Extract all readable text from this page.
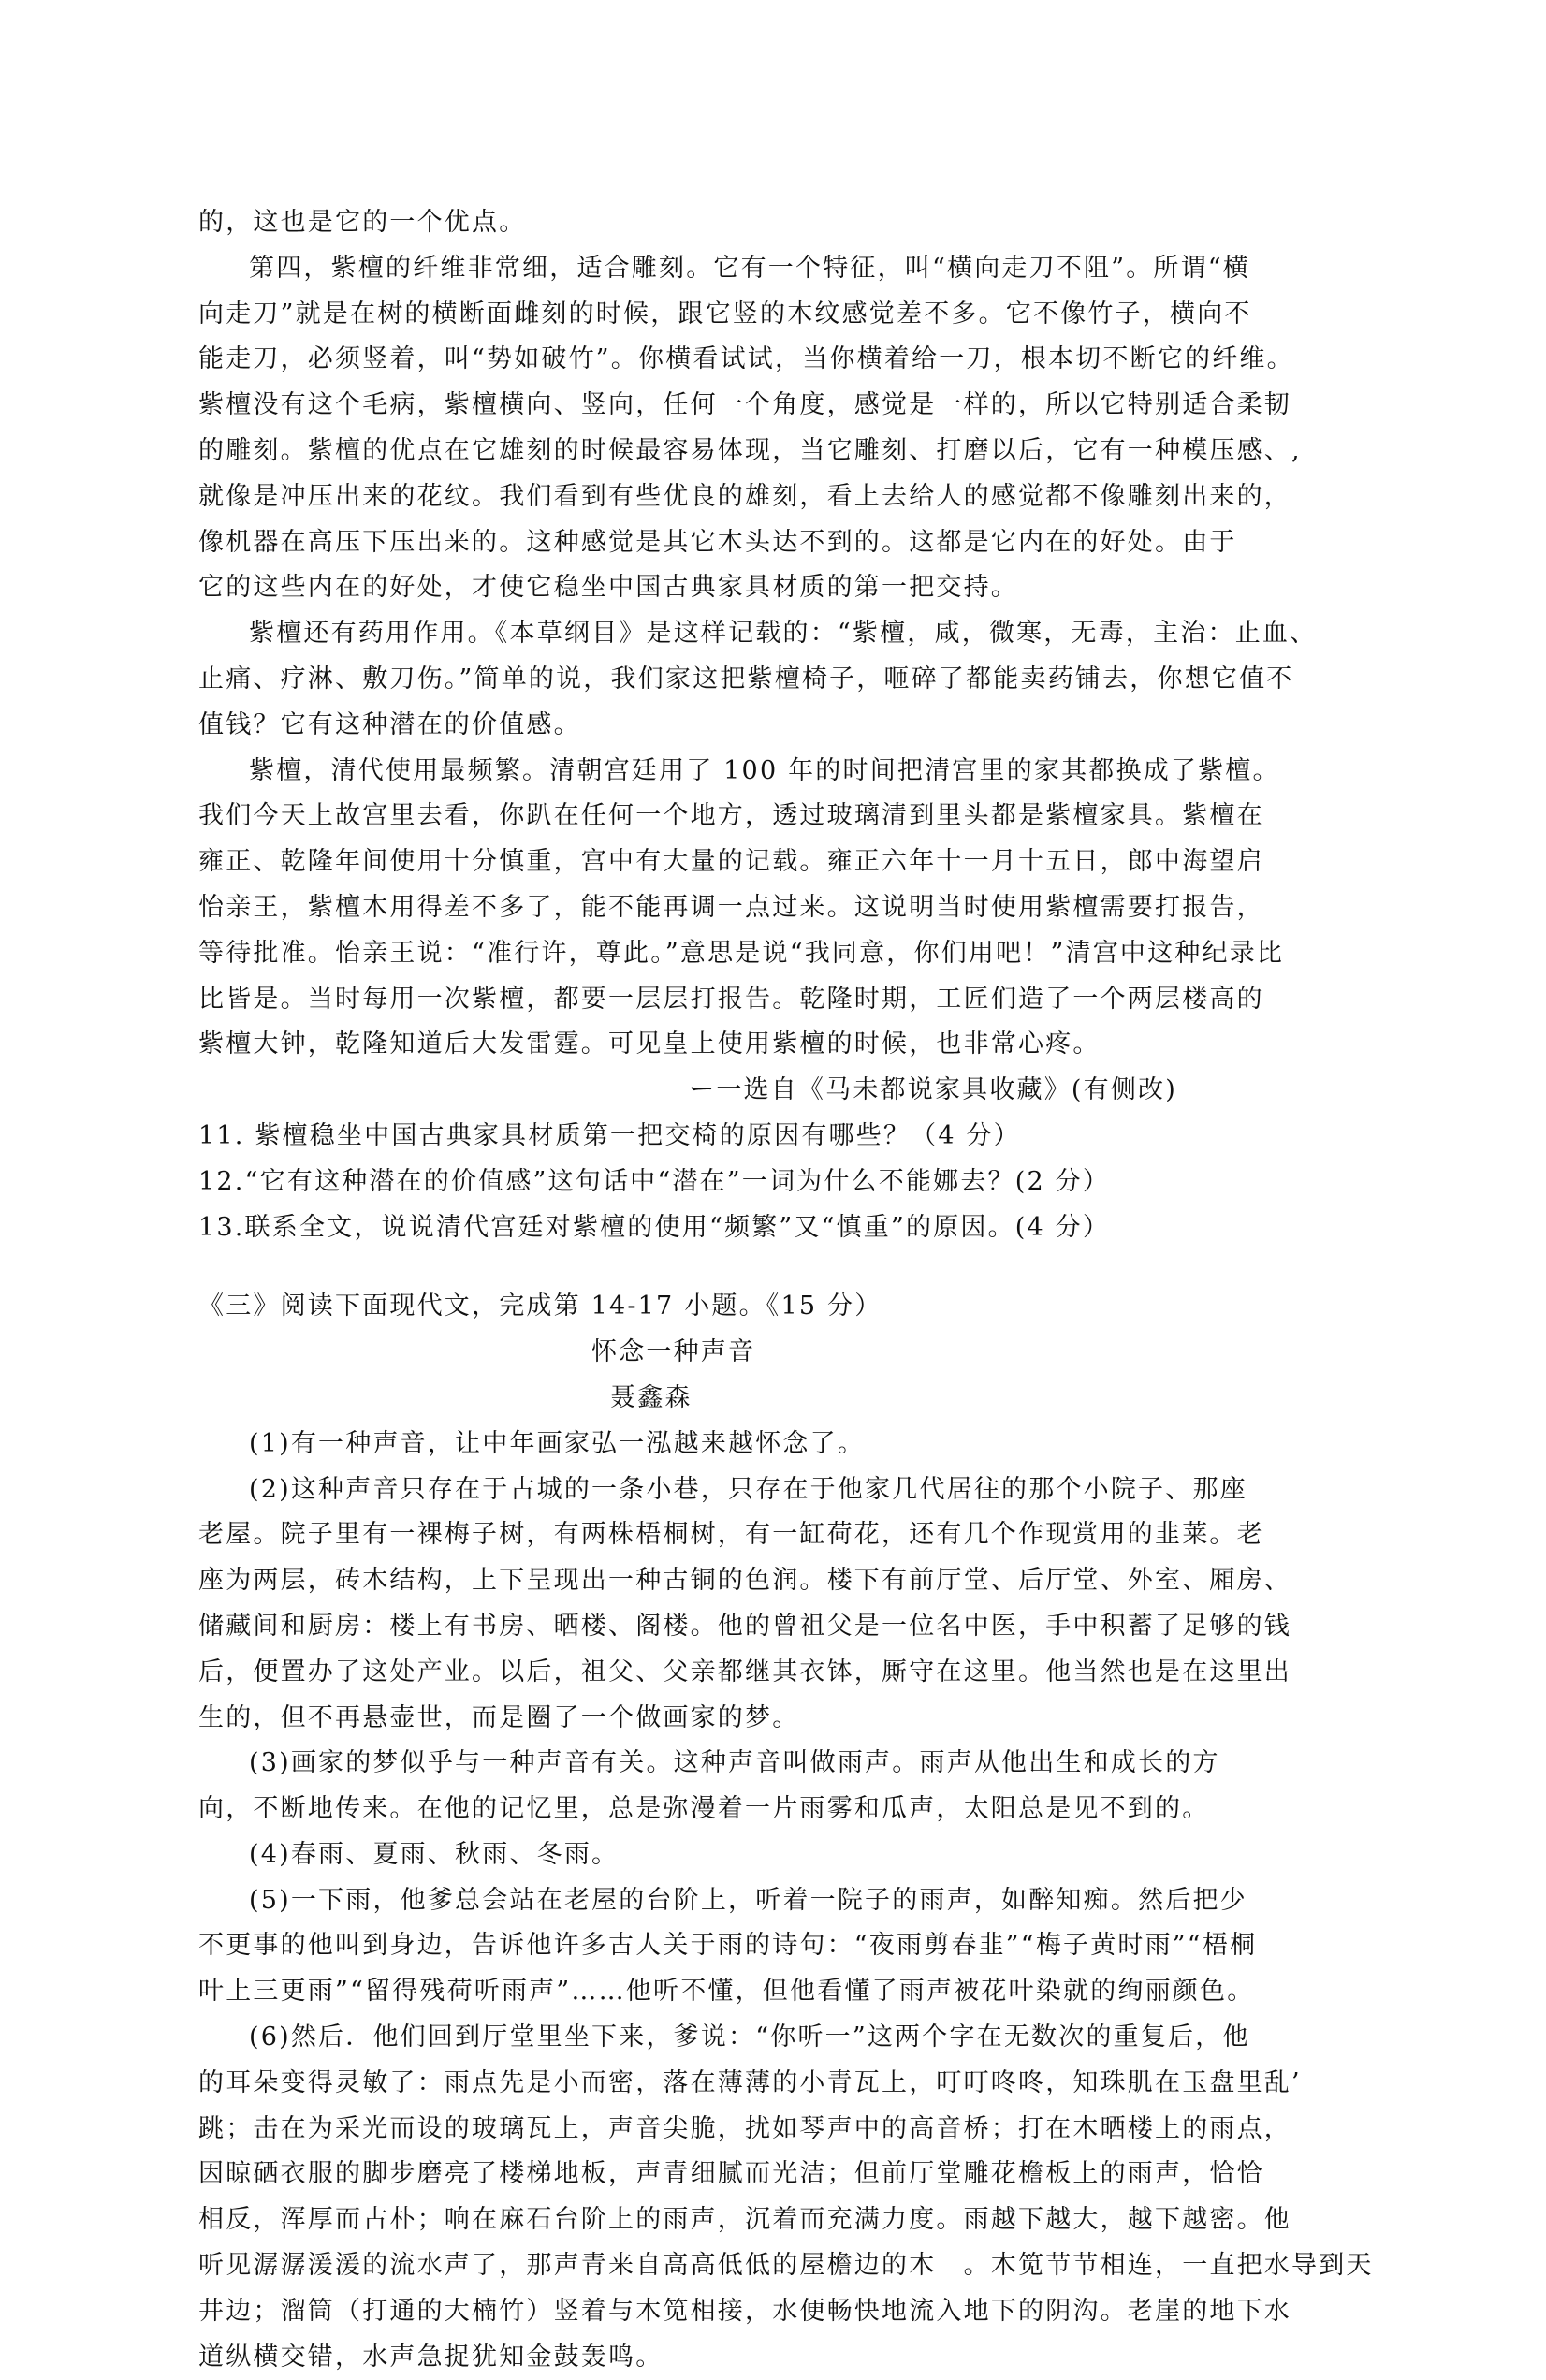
的，这也是它的一个优点。
第四，紫檀的纤维非常细，适合雕刻。它有一个特征，叫“横向走刀不阻”。所谓“横
向走刀”就是在树的横断面雌刻的时候，跟它竖的木纹感觉差不多。它不像竹子，横向不
能走刀，必须竖着，叫“势如破竹”。你横看试试，当你横着给一刀，根本切不断它的纤维。
紫檀没有这个毛病，紫檀横向、竖向，任何一个角度，感觉是一样的，所以它特别适合柔韧
的雕刻。紫檀的优点在它雄刻的时候最容易体现，当它雕刻、打磨以后，它有一种模压感、,
就像是冲压出来的花纹。我们看到有些优良的雄刻，看上去给人的感觉都不像雕刻出来的，
像机器在高压下压出来的。这种感觉是其它木头达不到的。这都是它内在的好处。由于
它的这些内在的好处，才使它稳坐中国古典家具材质的第一把交持。
紫檀还有药用作用。《本草纲目》是这样记载的：“紫檀，咸，微寒，无毒，主治：止血、
止痛、疗淋、敷刀伤。”简单的说，我们家这把紫檀椅子，咂碎了都能卖药铺去，你想它值不
值钱？它有这种潜在的价值感。
紫檀，清代使用最频繁。清朝宫廷用了 100 年的时间把清宫里的家其都换成了紫檀。
我们今天上故宫里去看，你趴在任何一个地方，透过玻璃清到里头都是紫檀家具。紫檀在
雍正、乾隆年间使用十分慎重，宫中有大量的记载。雍正六年十一月十五日，郎中海望启
怡亲王，紫檀木用得差不多了，能不能再调一点过来。这说明当时使用紫檀需要打报告，
等待批准。怡亲王说：“准行许，尊此。”意思是说“我同意，你们用吧！”清宫中这种纪录比
比皆是。当时每用一次紫檀，都要一层层打报告。乾隆时期，工匠们造了一个两层楼高的
紫檀大钟，乾隆知道后大发雷霆。可见皇上使用紫檀的时候，也非常心疼。
ー一选自《马未都说家具收藏》(有侧改)
11. 紫檀稳坐中国古典家具材质第一把交椅的原因有哪些？（4 分）
12.“它有这种潜在的价值感”这句话中“潜在”一词为什么不能娜去？(2 分）
13.联系全文，说说清代宫廷对紫檀的使用“频繁”又“慎重”的原因。(4 分）
《三》阅读下面现代文，完成第 14-17 小题。《15 分）
怀念一种声音
聂鑫森
(1)有一种声音，让中年画家弘一泓越来越怀念了。
(2)这种声音只存在于古城的一条小巷，只存在于他家几代居往的那个小院子、那座
老屋。院子里有一裸梅子树，有两株梧桐树，有一缸荷花，还有几个作现赏用的韭莱。老
座为两层，砖木结构，上下呈现出一种古铜的色润。楼下有前厅堂、后厅堂、外室、厢房、
储藏间和厨房：楼上有书房、晒楼、阁楼。他的曾祖父是一位名中医，手中积蓄了足够的钱
后，便置办了这处产业。以后，祖父、父亲都继其衣钵，厮守在这里。他当然也是在这里出
生的，但不再悬壶世，而是圈了一个做画家的梦。
(3)画家的梦似乎与一种声音有关。这种声音叫做雨声。雨声从他出生和成长的方
向，不断地传来。在他的记忆里，总是弥漫着一片雨雾和瓜声，太阳总是见不到的。
(4)春雨、夏雨、秋雨、冬雨。
(5)一下雨，他爹总会站在老屋的台阶上，听着一院子的雨声，如醉知痴。然后把少
不更事的他叫到身边，告诉他许多古人关于雨的诗句：“夜雨剪春韭”“梅子黄时雨”“梧桐
叶上三更雨”“留得残荷听雨声”……他听不懂，但他看懂了雨声被花叶染就的绚丽颜色。
(6)然后．他们回到厅堂里坐下来，爹说：“你听一”这两个字在无数次的重复后，他
的耳朵变得灵敏了：雨点先是小而密，落在薄薄的小青瓦上，叮叮咚咚，知珠肌在玉盘里乱’
跳；击在为采光而设的玻璃瓦上，声音尖脆，扰如琴声中的高音桥；打在木晒楼上的雨点，
因晾硒衣服的脚步磨亮了楼梯地板，声青细腻而光洁；但前厅堂雕花檐板上的雨声，恰恰
相反，浑厚而古朴；响在麻石台阶上的雨声，沉着而充满力度。雨越下越大，越下越密。他
听见潺潺湲湲的流水声了，那声青来自高高低低的屋檐边的木　。木笕节节相连，一直把水导到天
井边；溜筒（打通的大楠竹）竖着与木笕相接，水便畅快地流入地下的阴沟。老崖的地下水
道纵横交错，水声急捉犹知金鼓轰鸣。
